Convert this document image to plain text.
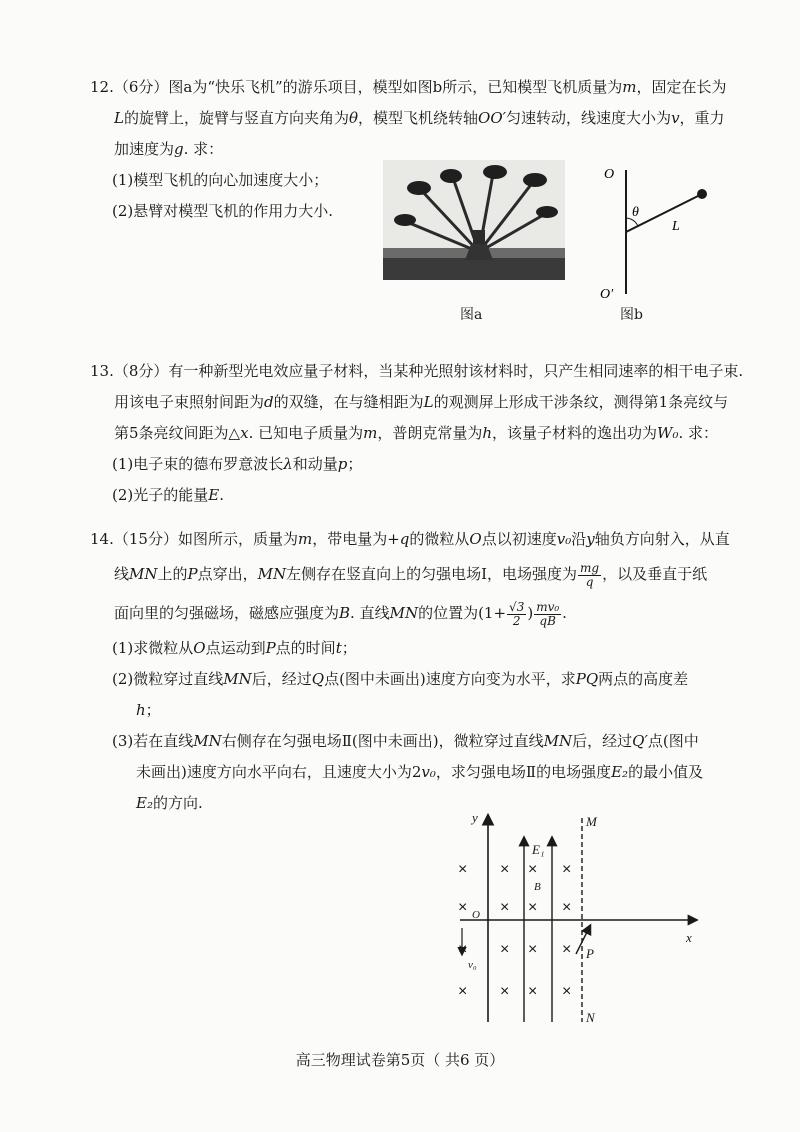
12.（6分）图a为“快乐飞机”的游乐项目，模型如图b所示，已知模型飞机质量为m，固定在长为
L的旋臂上，旋臂与竖直方向夹角为θ，模型飞机绕转轴OO′匀速转动，线速度大小为v，重力
加速度为g. 求：
(1)模型飞机的向心加速度大小；
(2)悬臂对模型飞机的作用力大小.
图a
O
O′
θ
L
图b
13.（8分）有一种新型光电效应量子材料，当某种光照射该材料时，只产生相同速率的相干电子束.
用该电子束照射间距为d的双缝，在与缝相距为L的观测屏上形成干涉条纹，测得第1条亮纹与
第5条亮纹间距为△x. 已知电子质量为m，普朗克常量为h，该量子材料的逸出功为W₀. 求：
(1)电子束的德布罗意波长λ和动量p；
(2)光子的能量E.
14.（15分）如图所示，质量为m，带电量为+q的微粒从O点以初速度v₀沿y轴负方向射入，从直
线MN上的P点穿出，MN左侧存在竖直向上的匀强电场Ⅰ，电场强度为 $\frac{mg}{q}$ ，以及垂直于纸
面向里的匀强磁场，磁感应强度为B. 直线MN的位置为($1+ \frac{√3}{2}$ ) $\frac{\text{mv₀}}{qB}$ .
(1)求微粒从O点运动到P点的时间t；
(2)微粒穿过直线MN后，经过Q点(图中未画出)速度方向变为水平，求PQ两点的高度差
h；
(3)若在直线MN右侧存在匀强电场Ⅱ(图中未画出)，微粒穿过直线MN后，经过Q′点(图中
未画出)速度方向水平向右，且速度大小为2v₀，求匀强电场Ⅱ的电场强度E₂的最小值及
E₂的方向.
× × × ×
× × × ×
× × × ×
× × × ×
y
x
M
N
O
P
E₁
B
v₀
高三物理试卷第5页（ 共6 页）
